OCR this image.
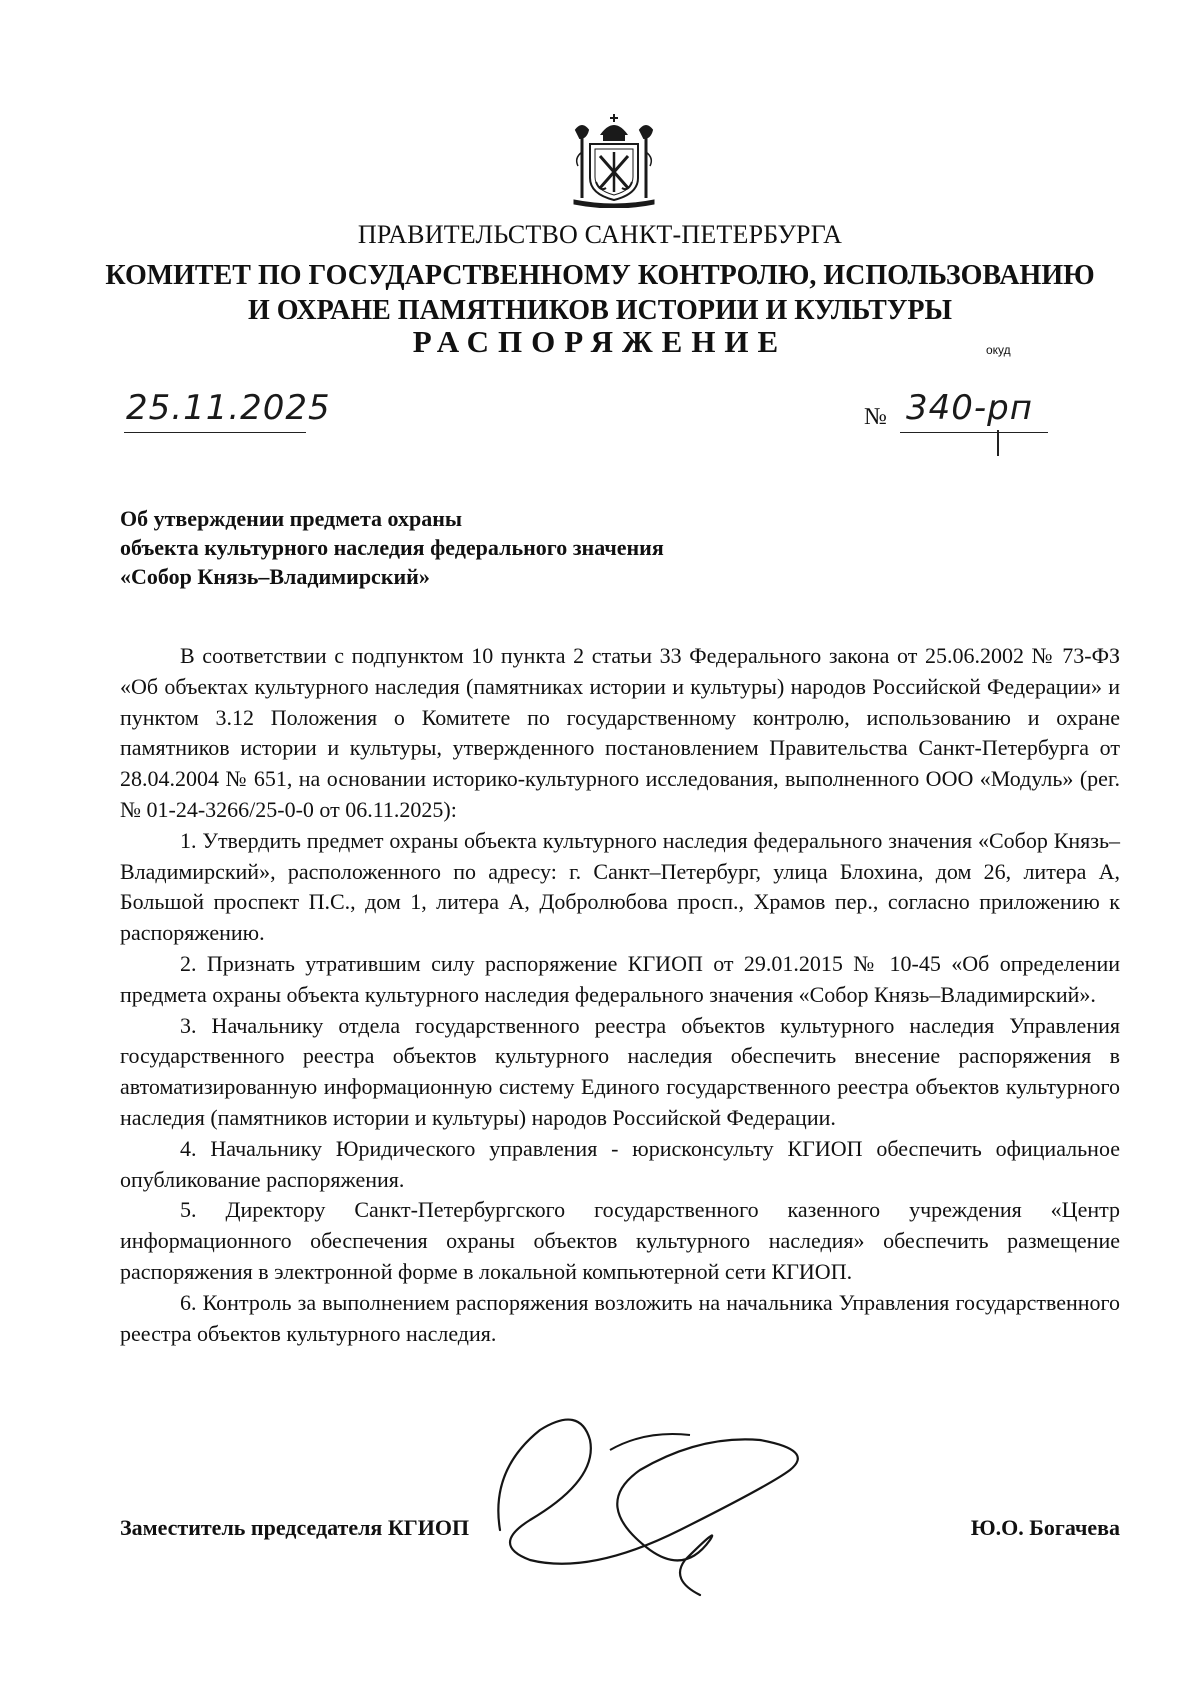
ПРАВИТЕЛЬСТВО САНКТ-ПЕТЕРБУРГА
КОМИТЕТ ПО ГОСУДАРСТВЕННОМУ КОНТРОЛЮ, ИСПОЛЬЗОВАНИЮ
И ОХРАНЕ ПАМЯТНИКОВ ИСТОРИИ И КУЛЬТУРЫ
РАСПОРЯЖЕНИЕ	окуд
25.11.2025	№ 340-рп
Об утверждении предмета охраны
объекта культурного наследия федерального значения
«Собор Князь–Владимирский»

В соответствии с подпунктом 10 пункта 2 статьи 33 Федерального закона от 25.06.2002 № 73-ФЗ «Об объектах культурного наследия (памятниках истории и культуры) народов Российской Федерации» и пунктом 3.12 Положения о Комитете по государственному контролю, использованию и охране памятников истории и культуры, утвержденного постановлением Правительства Санкт-Петербурга от 28.04.2004 № 651, на основании историко-культурного исследования, выполненного ООО «Модуль» (рег. № 01-24-3266/25-0-0 от 06.11.2025):

1. Утвердить предмет охраны объекта культурного наследия федерального значения «Собор Князь–Владимирский», расположенного по адресу: г. Санкт–Петербург, улица Блохина, дом 26, литера А, Большой проспект П.С., дом 1, литера А, Добролюбова просп., Храмов пер., согласно приложению к распоряжению.

2. Признать утратившим силу распоряжение КГИОП от 29.01.2015 № 10-45 «Об определении предмета охраны объекта культурного наследия федерального значения «Собор Князь–Владимирский».

3. Начальнику отдела государственного реестра объектов культурного наследия Управления государственного реестра объектов культурного наследия обеспечить внесение распоряжения в автоматизированную информационную систему Единого государственного реестра объектов культурного наследия (памятников истории и культуры) народов Российской Федерации.

4. Начальнику Юридического управления - юрисконсульту КГИОП обеспечить официальное опубликование распоряжения.

5. Директору Санкт-Петербургского государственного казенного учреждения «Центр информационного обеспечения охраны объектов культурного наследия» обеспечить размещение распоряжения в электронной форме в локальной компьютерной сети КГИОП.

6. Контроль за выполнением распоряжения возложить на начальника Управления государственного реестра объектов культурного наследия.

Заместитель председателя КГИОП	Ю.О. Богачева
